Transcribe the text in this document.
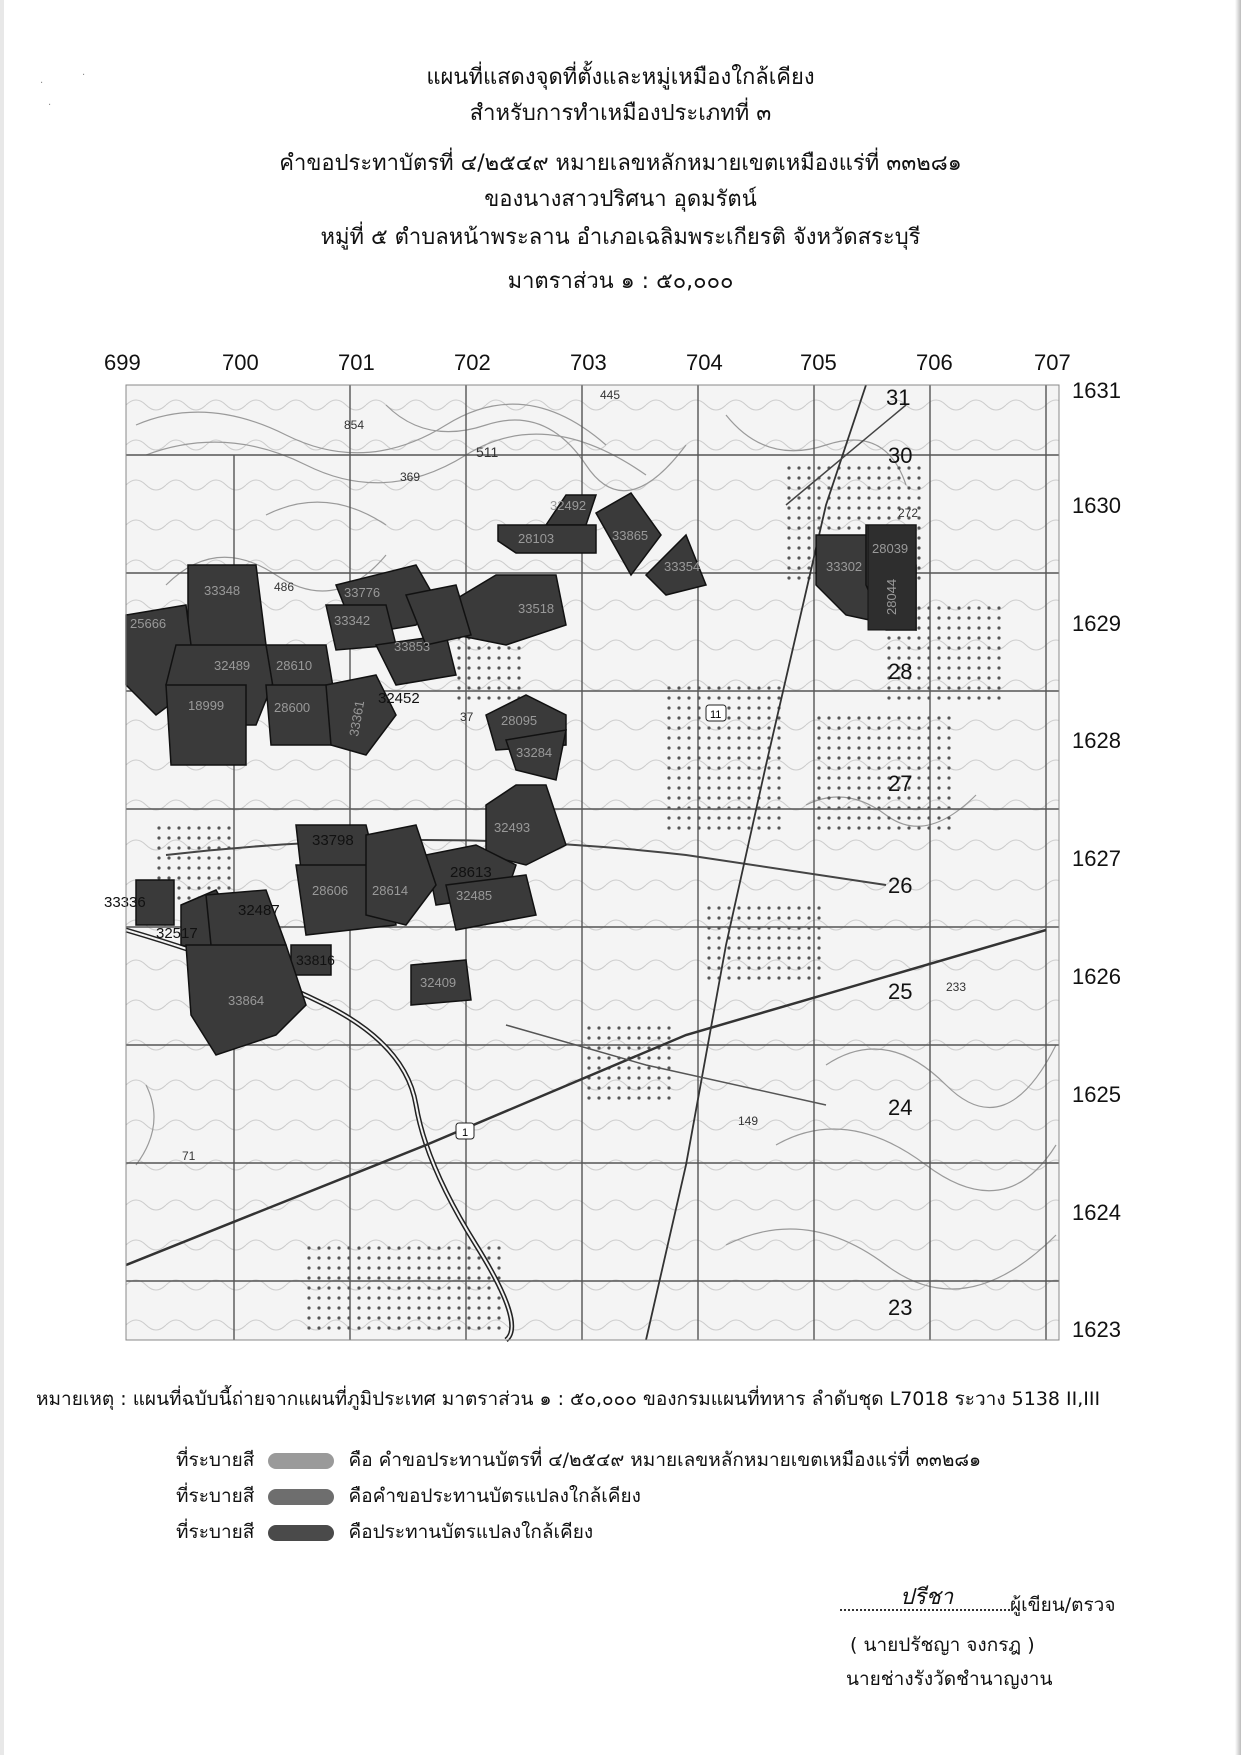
·
·
·
แผนที่แสดงจุดที่ตั้งและหมู่เหมืองใกล้เคียง
สำหรับการทำเหมืองประเภทที่ ๓
คำขอประทาบัตรที่ ๔/๒๕๔๙ หมายเลขหลักหมายเขตเหมืองแร่ที่ ๓๓๒๘๑
ของนางสาวปริศนา อุดมรัตน์
หมู่ที่ ๕ ตำบลหน้าพระลาน อำเภอเฉลิมพระเกียรติ จังหวัดสระบุรี
มาตราส่วน ๑ : ๕๐,๐๐๐
699	700	701	702	703	704	705	706	707
1631
1630
1629
1628
1627
1626
1625
1624
1623
32492
28103	33865
33354	33302
28039
28044
33348
25666
32489
18999
28610
28600
33776
33342
33518
33853
33361
32452
28095
33284
32493
28613
32485
33798
28606 28614
33336
32517
32487
33816
33864
32409
445
854
511
369
486
272
233
149
71
37	11
1
31
30
28
27
26
25
24
23
หมายเหตุ : แผนที่ฉบับนี้ถ่ายจากแผนที่ภูมิประเทศ มาตราส่วน ๑ : ๕๐,๐๐๐ ของกรมแผนที่ทหาร ลำดับชุด L7018 ระวาง 5138 II,III
ที่ระบายสี	คือ คำขอประทานบัตรที่ ๔/๒๕๔๙ หมายเลขหลักหมายเขตเหมืองแร่ที่ ๓๓๒๘๑
ที่ระบายสี	คือคำขอประทานบัตรแปลงใกล้เคียง
ที่ระบายสี	คือประทานบัตรแปลงใกล้เคียง
ปรีชา	ผู้เขียน/ตรวจ
( นายปรัชญา จงกรฎ )
นายช่างรังวัดชำนาญงาน
